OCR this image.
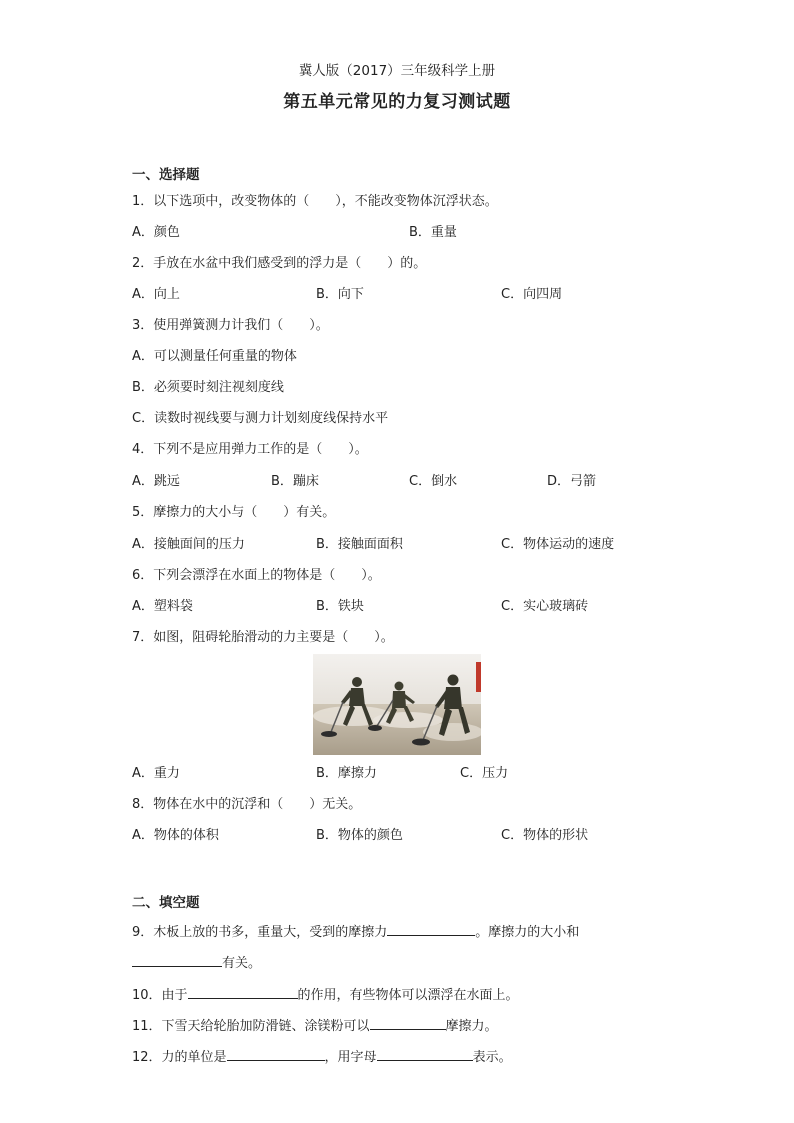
冀人版（2017）三年级科学上册
第五单元常见的力复习测试题
一、选择题
1．以下选项中，改变物体的（　　），不能改变物体沉浮状态。
A．颜色	B．重量
2．手放在水盆中我们感受到的浮力是（　　）的。
A．向上	B．向下	C．向四周
3．使用弹簧测力计我们（　　）。
A．可以测量任何重量的物体
B．必须要时刻注视刻度线
C．读数时视线要与测力计划刻度线保持水平
4．下列不是应用弹力工作的是（　　）。
A．跳远	B．蹦床	C．倒水	D．弓箭
5．摩擦力的大小与（　　）有关。
A．接触面间的压力	B．接触面面积	C．物体运动的速度
6．下列会漂浮在水面上的物体是（　　）。
A．塑料袋	B．铁块	C．实心玻璃砖
7．如图，阻碍轮胎滑动的力主要是（　　）。
A．重力	B．摩擦力	C．压力
8．物体在水中的沉浮和（　　）无关。
A．物体的体积	B．物体的颜色	C．物体的形状
二、填空题
9．木板上放的书多，重量大，受到的摩擦力	。摩擦力的大小和
有关。
10．由于	的作用，有些物体可以漂浮在水面上。
11．下雪天给轮胎加防滑链、涂镁粉可以	摩擦力。
12．力的单位是	，用字母	表示。
